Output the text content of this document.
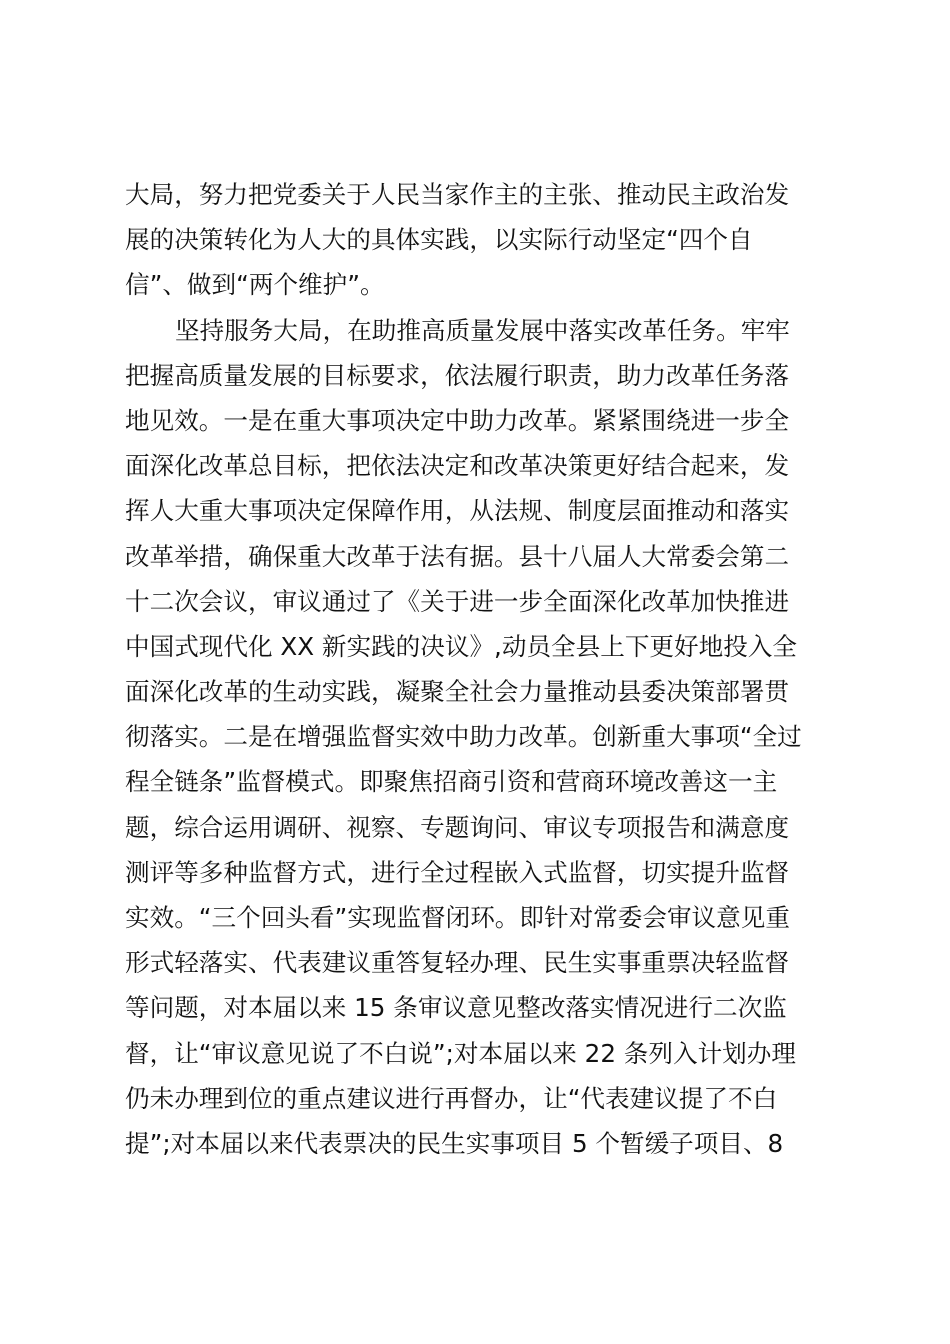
大局，努力把党委关于人民当家作主的主张、推动民主政治发
展的决策转化为人大的具体实践，以实际行动坚定“四个自
信”、做到“两个维护”。
坚持服务大局，在助推高质量发展中落实改革任务。牢牢
把握高质量发展的目标要求，依法履行职责，助力改革任务落
地见效。一是在重大事项决定中助力改革。紧紧围绕进一步全
面深化改革总目标，把依法决定和改革决策更好结合起来，发
挥人大重大事项决定保障作用，从法规、制度层面推动和落实
改革举措，确保重大改革于法有据。县十八届人大常委会第二
十二次会议，审议通过了《关于进一步全面深化改革加快推进
中国式现代化 XX 新实践的决议》,动员全县上下更好地投入全
面深化改革的生动实践，凝聚全社会力量推动县委决策部署贯
彻落实。二是在增强监督实效中助力改革。创新重大事项“全过
程全链条”监督模式。即聚焦招商引资和营商环境改善这一主
题，综合运用调研、视察、专题询问、审议专项报告和满意度
测评等多种监督方式，进行全过程嵌入式监督，切实提升监督
实效。“三个回头看”实现监督闭环。即针对常委会审议意见重
形式轻落实、代表建议重答复轻办理、民生实事重票决轻监督
等问题，对本届以来 15 条审议意见整改落实情况进行二次监
督，让“审议意见说了不白说”;对本届以来 22 条列入计划办理
仍未办理到位的重点建议进行再督办，让“代表建议提了不白
提”;对本届以来代表票决的民生实事项目 5 个暂缓子项目、8
